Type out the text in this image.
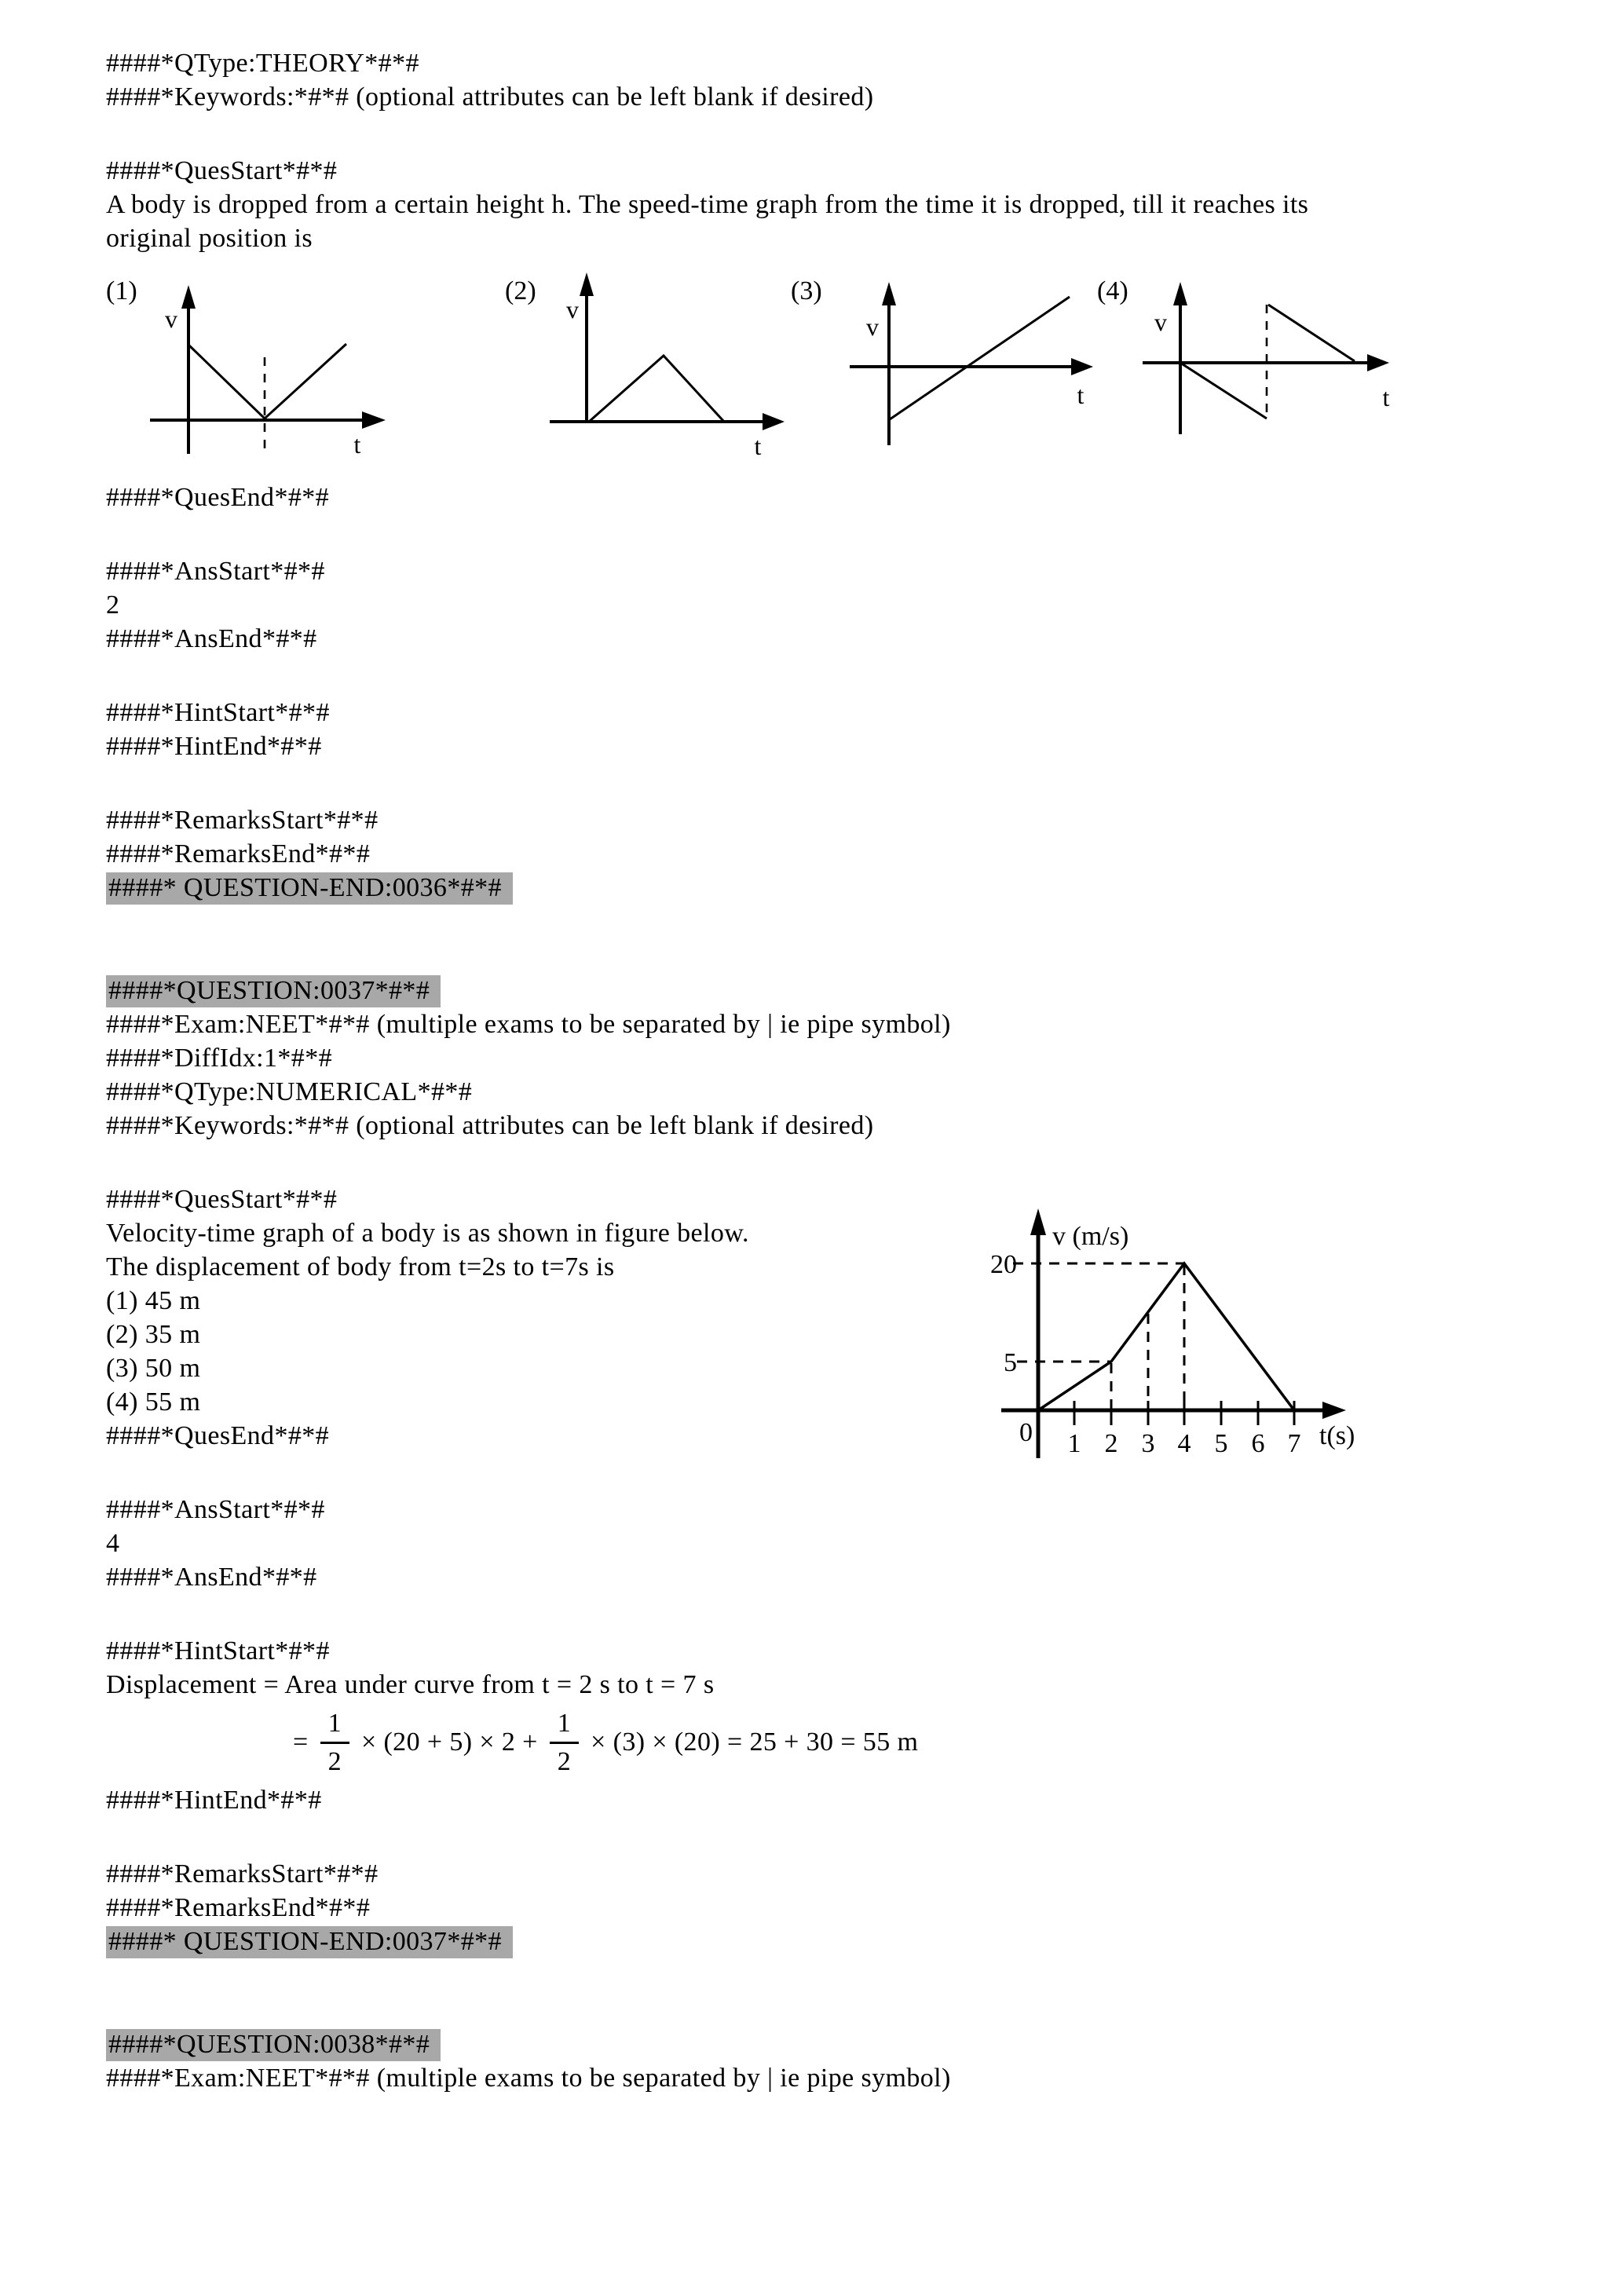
####*QType:THEORY*#*#
####*Keywords:*#*# (optional attributes can be left blank if desired)
####*QuesStart*#*#
A body is dropped from a certain height h. The speed-time graph from the time it is dropped, till it reaches its
original position is
(1)	(2)	(3)	(4)
v
t
v
t
v
t
v
t
####*QuesEnd*#*#
####*AnsStart*#*#
2
####*AnsEnd*#*#
####*HintStart*#*#
####*HintEnd*#*#
####*RemarksStart*#*#
####*RemarksEnd*#*#
####* QUESTION-END:0036*#*#
####*QUESTION:0037*#*#
####*Exam:NEET*#*# (multiple exams to be separated by | ie pipe symbol)
####*DiffIdx:1*#*#
####*QType:NUMERICAL*#*#
####*Keywords:*#*# (optional attributes can be left blank if desired)
####*QuesStart*#*#
Velocity-time graph of a body is as shown in figure below.
The displacement of body from t=2s to t=7s is
(1) 45 m
(2) 35 m
(3) 50 m
(4) 55 m
####*QuesEnd*#*#
v (m/s)
20
5
0 1 2 3 4 5 6 7 t(s)
####*AnsStart*#*#
4
####*AnsEnd*#*#
####*HintStart*#*#
Displacement = Area under curve from t = 2 s to t = 7 s
= $\frac{1}{2} \times (20 + 5) \times 2 + \frac{1}{2} \times (3) \times (20) = 25 + 30 = 55$ m
####*HintEnd*#*#
####*RemarksStart*#*#
####*RemarksEnd*#*#
####* QUESTION-END:0037*#*#
####*QUESTION:0038*#*#
####*Exam:NEET*#*# (multiple exams to be separated by | ie pipe symbol)
